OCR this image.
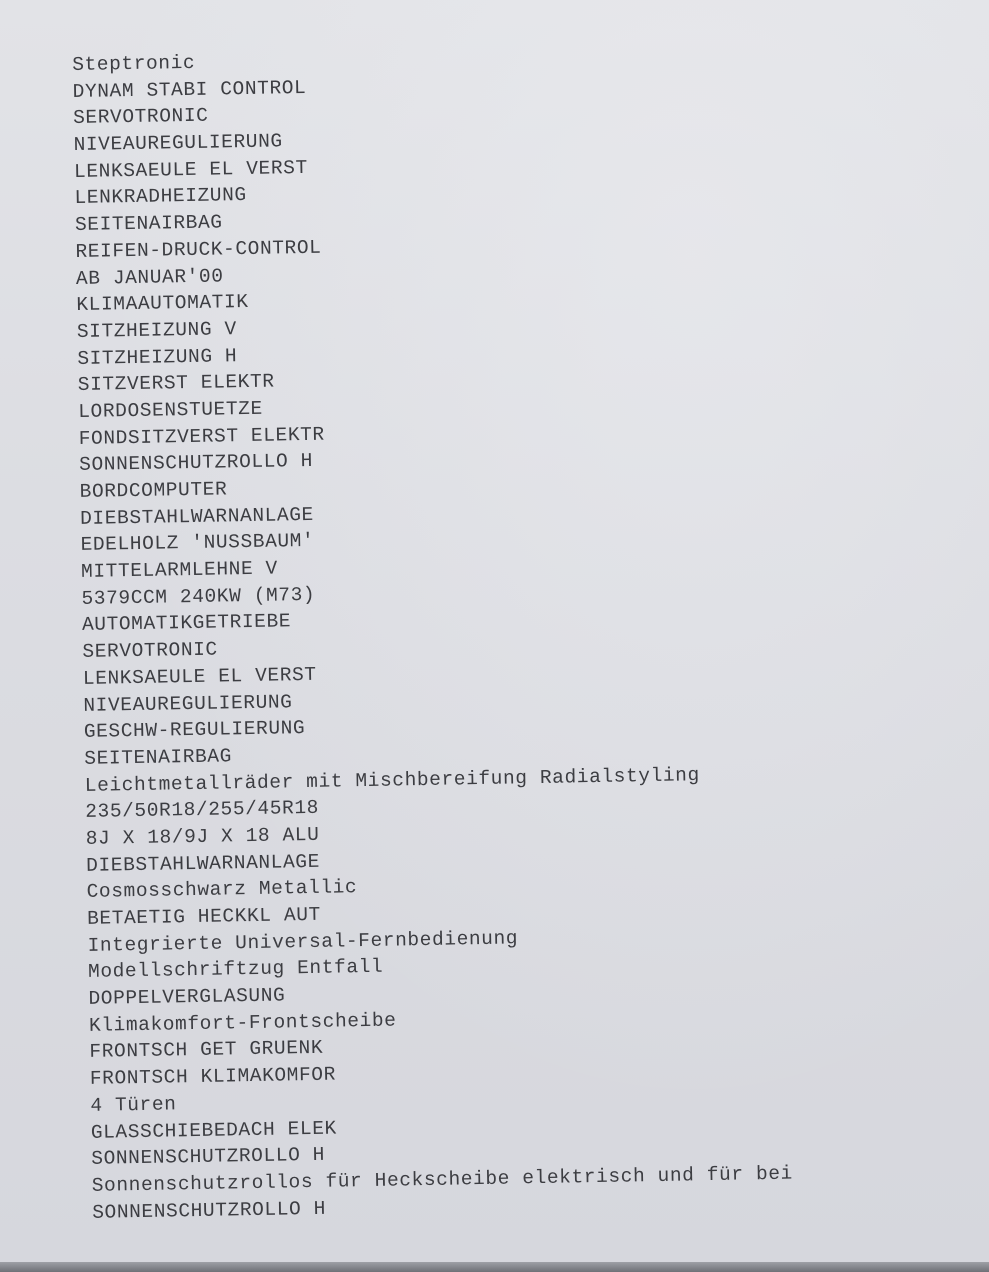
Steptronic
DYNAM STABI CONTROL
SERVOTRONIC
NIVEAUREGULIERUNG
LENKSAEULE EL VERST
LENKRADHEIZUNG
SEITENAIRBAG
REIFEN-DRUCK-CONTROL
AB JANUAR'00
KLIMAAUTOMATIK
SITZHEIZUNG V
SITZHEIZUNG H
SITZVERST ELEKTR
LORDOSENSTUETZE
FONDSITZVERST ELEKTR
SONNENSCHUTZROLLO H
BORDCOMPUTER
DIEBSTAHLWARNANLAGE
EDELHOLZ 'NUSSBAUM'
MITTELARMLEHNE V
5379CCM 240KW (M73)
AUTOMATIKGETRIEBE
SERVOTRONIC
LENKSAEULE EL VERST
NIVEAUREGULIERUNG
GESCHW-REGULIERUNG
SEITENAIRBAG
Leichtmetallräder mit Mischbereifung Radialstyling
235/50R18/255/45R18
8J X 18/9J X 18 ALU
DIEBSTAHLWARNANLAGE
Cosmosschwarz Metallic
BETAETIG HECKKL AUT
Integrierte Universal-Fernbedienung
Modellschriftzug Entfall
DOPPELVERGLASUNG
Klimakomfort-Frontscheibe
FRONTSCH GET GRUENK
FRONTSCH KLIMAKOMFOR
4 Türen
GLASSCHIEBEDACH ELEK
SONNENSCHUTZROLLO H
Sonnenschutzrollos für Heckscheibe elektrisch und für bei
SONNENSCHUTZROLLO H
